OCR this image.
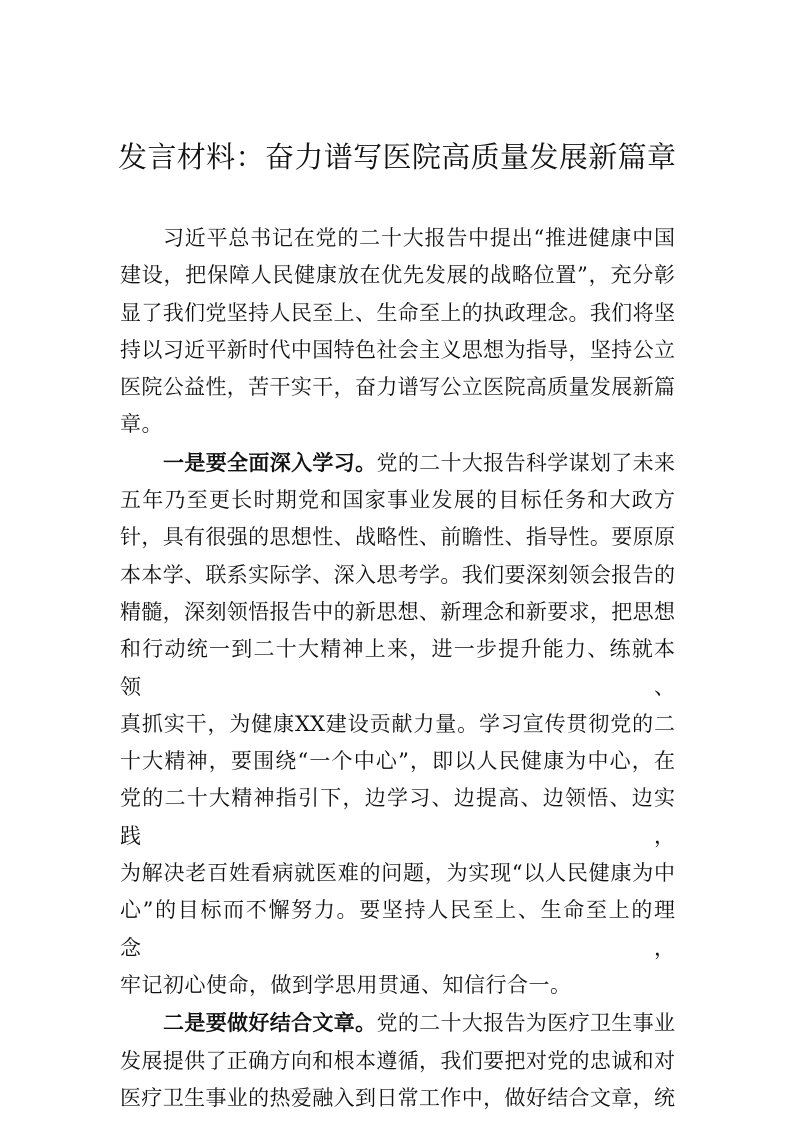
发言材料：奋力谱写医院高质量发展新篇章
习近平总书记在党的二十大报告中提出“推进健康中国
建设，把保障人民健康放在优先发展的战略位置”，充分彰
显了我们党坚持人民至上、生命至上的执政理念。我们将坚
持以习近平新时代中国特色社会主义思想为指导，坚持公立
医院公益性，苦干实干，奋力谱写公立医院高质量发展新篇
章。
一是要全面深入学习。党的二十大报告科学谋划了未来
五年乃至更长时期党和国家事业发展的目标任务和大政方
针，具有很强的思想性、战略性、前瞻性、指导性。要原原
本本学、联系实际学、深入思考学。我们要深刻领会报告的
精髓，深刻领悟报告中的新思想、新理念和新要求，把思想
和行动统一到二十大精神上来，进一步提升能力、练就本领、
真抓实干，为健康XX建设贡献力量。学习宣传贯彻党的二
十大精神，要围绕“一个中心”，即以人民健康为中心，在
党的二十大精神指引下，边学习、边提高、边领悟、边实践，
为解决老百姓看病就医难的问题，为实现“以人民健康为中
心”的目标而不懈努力。要坚持人民至上、生命至上的理念，
牢记初心使命，做到学思用贯通、知信行合一。
二是要做好结合文章。党的二十大报告为医疗卫生事业
发展提供了正确方向和根本遵循，我们要把对党的忠诚和对
医疗卫生事业的热爱融入到日常工作中，做好结合文章，统
